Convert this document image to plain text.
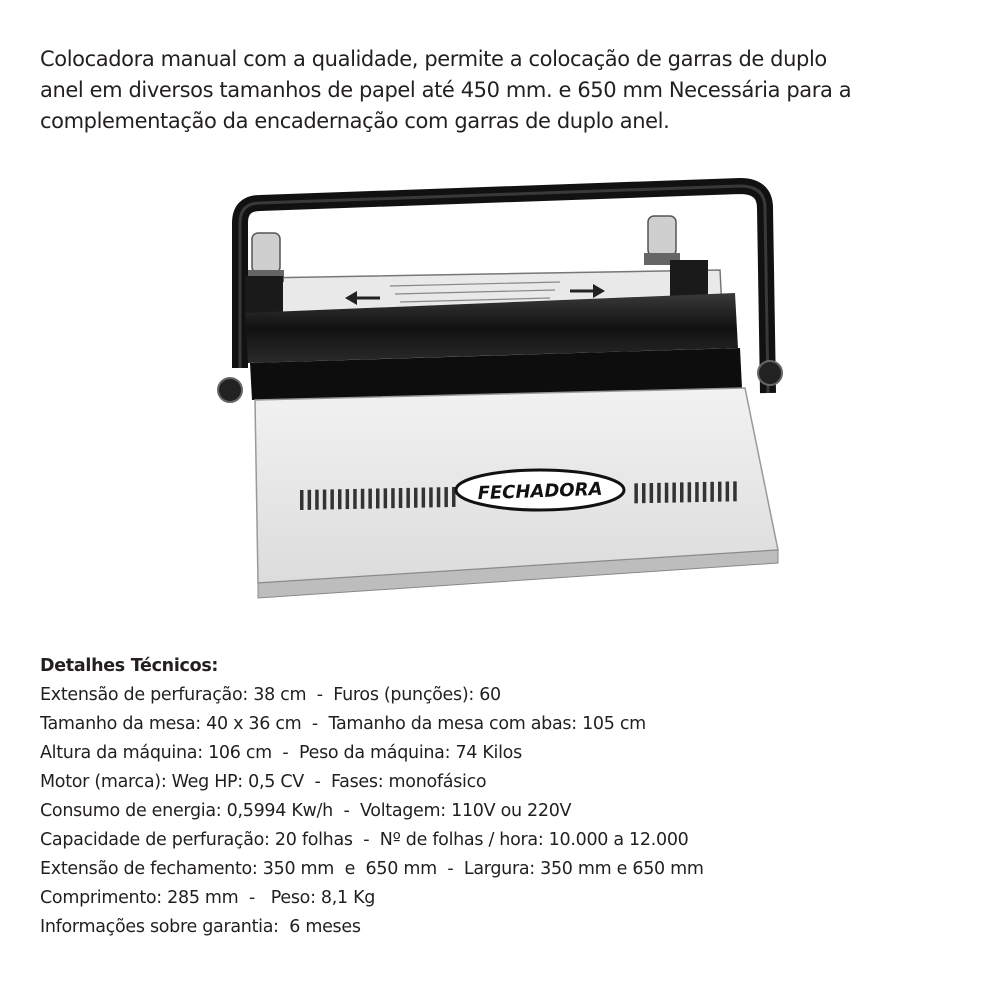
Colocadora manual com a qualidade, permite a colocação de garras de duplo
anel em diversos tamanhos de papel até 450 mm. e 650 mm Necessária para a
complementação da encadernação com garras de duplo anel.
FECHADORA
Detalhes Técnicos:
Extensão de perfuração: 38 cm  -  Furos (punções): 60
Tamanho da mesa: 40 x 36 cm  -  Tamanho da mesa com abas: 105 cm
Altura da máquina: 106 cm  -  Peso da máquina: 74 Kilos
Motor (marca): Weg HP: 0,5 CV  -  Fases: monofásico
Consumo de energia: 0,5994 Kw/h  -  Voltagem: 110V ou 220V
Capacidade de perfuração: 20 folhas  -  Nº de folhas / hora: 10.000 a 12.000
Extensão de fechamento: 350 mm  e  650 mm  -  Largura: 350 mm e 650 mm
Comprimento: 285 mm  -   Peso: 8,1 Kg
Informações sobre garantia:  6 meses
